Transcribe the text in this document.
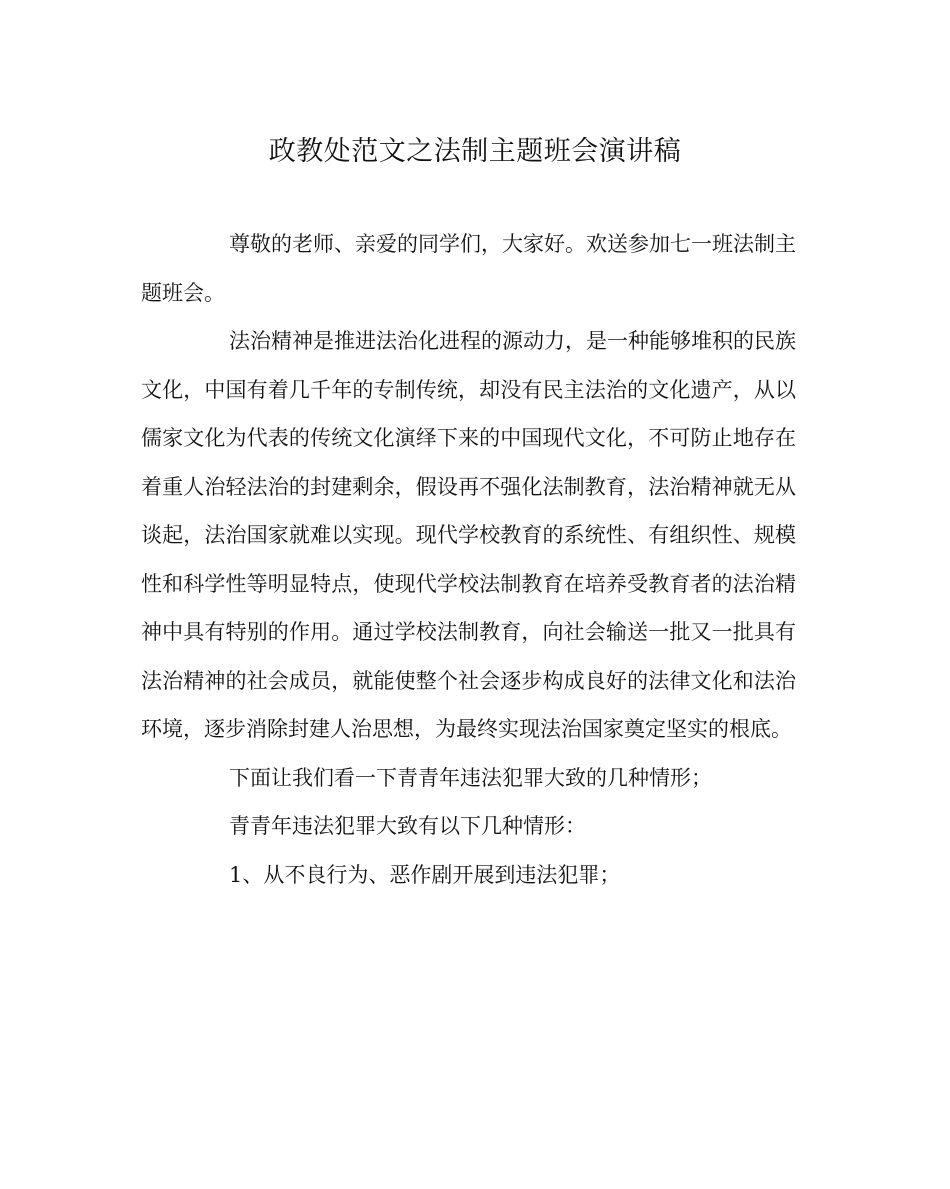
政教处范文之法制主题班会演讲稿

尊敬的老师、亲爱的同学们，大家好。欢送参加七一班法制主题班会。

法治精神是推进法治化进程的源动力，是一种能够堆积的民族文化，中国有着几千年的专制传统，却没有民主法治的文化遗产，从以儒家文化为代表的传统文化演绎下来的中国现代文化，不可防止地存在着重人治轻法治的封建剩余，假设再不强化法制教育，法治精神就无从谈起，法治国家就难以实现。现代学校教育的系统性、有组织性、规模性和科学性等明显特点，使现代学校法制教育在培养受教育者的法治精神中具有特别的作用。通过学校法制教育，向社会输送一批又一批具有法治精神的社会成员，就能使整个社会逐步构成良好的法律文化和法治环境，逐步消除封建人治思想，为最终实现法治国家奠定坚实的根底。

下面让我们看一下青青年违法犯罪大致的几种情形；

青青年违法犯罪大致有以下几种情形：

1、从不良行为、恶作剧开展到违法犯罪；
